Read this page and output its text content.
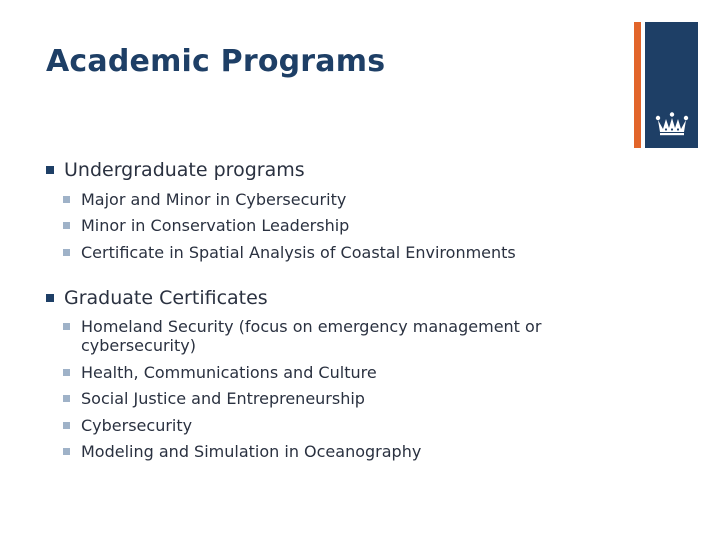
Academic Programs
Undergraduate programs
Major and Minor in Cybersecurity
Minor in Conservation Leadership
Certificate in Spatial Analysis of Coastal Environments
Graduate Certificates
Homeland Security (focus on emergency management or cybersecurity)
Health, Communications and Culture
Social Justice and Entrepreneurship
Cybersecurity
Modeling and Simulation in Oceanography
